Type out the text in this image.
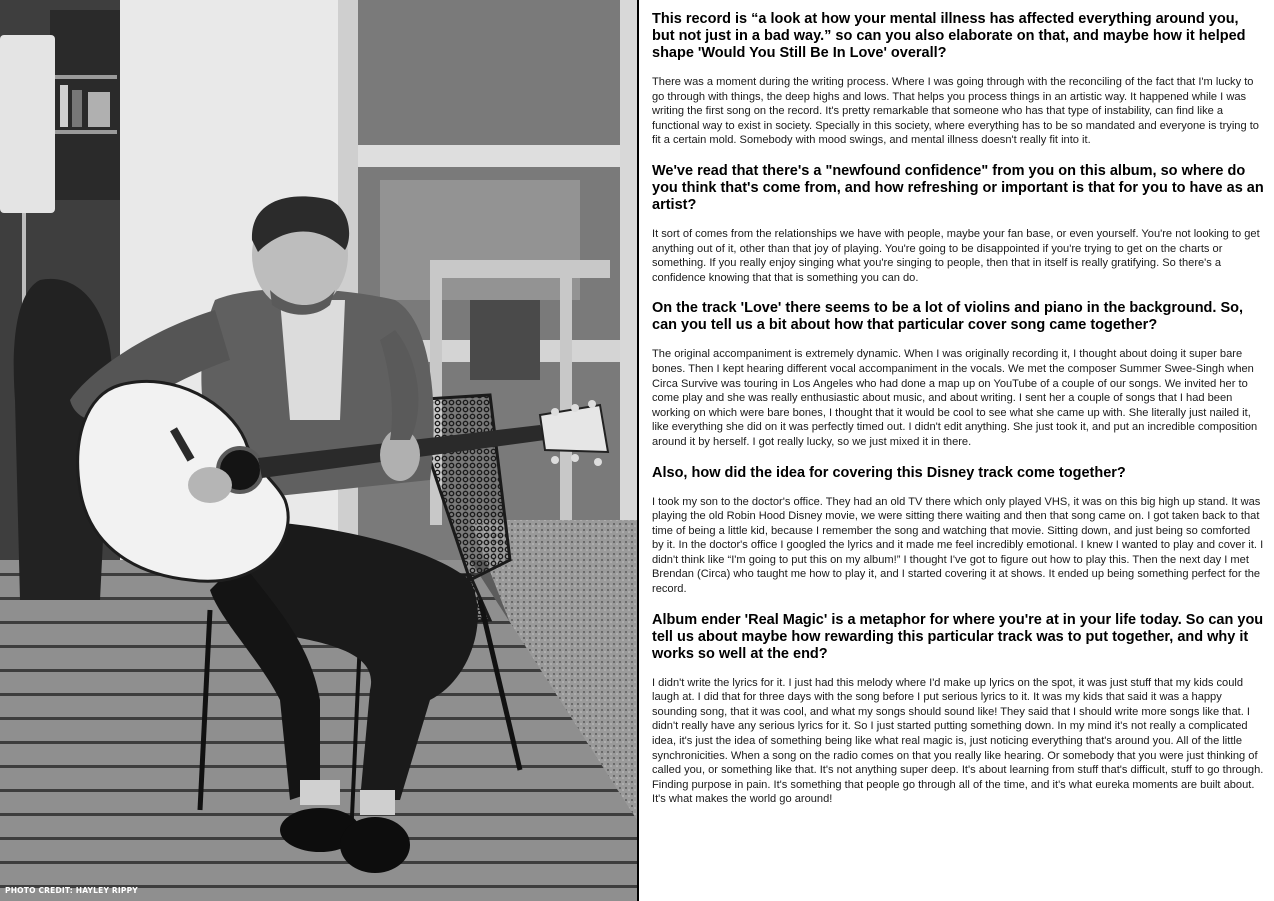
PHOTO CREDIT: HAYLEY RIPPY

This record is “a look at how your mental illness has affected everything around you, but not just in a bad way.” so can you also elaborate on that, and maybe how it helped shape 'Would You Still Be In Love' overall?

There was a moment during the writing process. Where I was going through with the reconciling of the fact that I'm lucky to go through with things, the deep highs and lows. That helps you process things in an artistic way. It happened while I was writing the first song on the record. It's pretty remarkable that someone who has that type of instability, can find like a functional way to exist in society. Specially in this society, where everything has to be so mandated and everyone is trying to fit a certain mold. Somebody with mood swings, and mental illness doesn't really fit into it.

We've read that there's a "newfound confidence" from you on this album, so where do you think that's come from, and how refreshing or important is that for you to have as an artist?

It sort of comes from the relationships we have with people, maybe your fan base, or even yourself. You're not looking to get anything out of it, other than that joy of playing. You're going to be disappointed if you're trying to get on the charts or something. If you really enjoy singing what you're singing to people, then that in itself is really gratifying. So there's a confidence knowing that that is something you can do.

On the track 'Love' there seems to be a lot of violins and piano in the background. So, can you tell us a bit about how that particular cover song came together?

The original accompaniment is extremely dynamic. When I was originally recording it, I thought about doing it super bare bones. Then I kept hearing different vocal accompaniment in the vocals. We met the composer Summer Swee-Singh when Circa Survive was touring in Los Angeles who had done a map up on YouTube of a couple of our songs. We invited her to come play and she was really enthusiastic about music, and about writing. I sent her a couple of songs that I had been working on which were bare bones, I thought that it would be cool to see what she came up with. She literally just nailed it, like everything she did on it was perfectly timed out. I didn't edit anything. She just took it, and put an incredible composition around it by herself. I got really lucky, so we just mixed it in there.

Also, how did the idea for covering this Disney track come together?

I took my son to the doctor's office. They had an old TV there which only played VHS, it was on this big high up stand. It was playing the old Robin Hood Disney movie, we were sitting there waiting and then that song came on. I got taken back to that time of being a little kid, because I remember the song and watching that movie. Sitting down, and just being so comforted by it. In the doctor's office I googled the lyrics and it made me feel incredibly emotional. I knew I wanted to play and cover it. I didn't think like “I'm going to put this on my album!” I thought I've got to figure out how to play this. Then the next day I met Brendan (Circa) who taught me how to play it, and I started covering it at shows. It ended up being something perfect for the record.

Album ender 'Real Magic' is a metaphor for where you're at in your life today. So can you tell us about maybe how rewarding this particular track was to put together, and why it works so well at the end?

I didn't write the lyrics for it. I just had this melody where I'd make up lyrics on the spot, it was just stuff that my kids could laugh at. I did that for three days with the song before I put serious lyrics to it. It was my kids that said it was a happy sounding song, that it was cool, and what my songs should sound like! They said that I should write more songs like that. I didn't really have any serious lyrics for it. So I just started putting something down. In my mind it's not really a complicated idea, it's just the idea of something being like what real magic is, just noticing everything that's around you. All of the little synchronicities. When a song on the radio comes on that you really like hearing. Or somebody that you were just thinking of called you, or something like that. It's not anything super deep. It's about learning from stuff that's difficult, stuff to go through. Finding purpose in pain. It's something that people go through all of the time, and it's what eureka moments are built about. It's what makes the world go around!
